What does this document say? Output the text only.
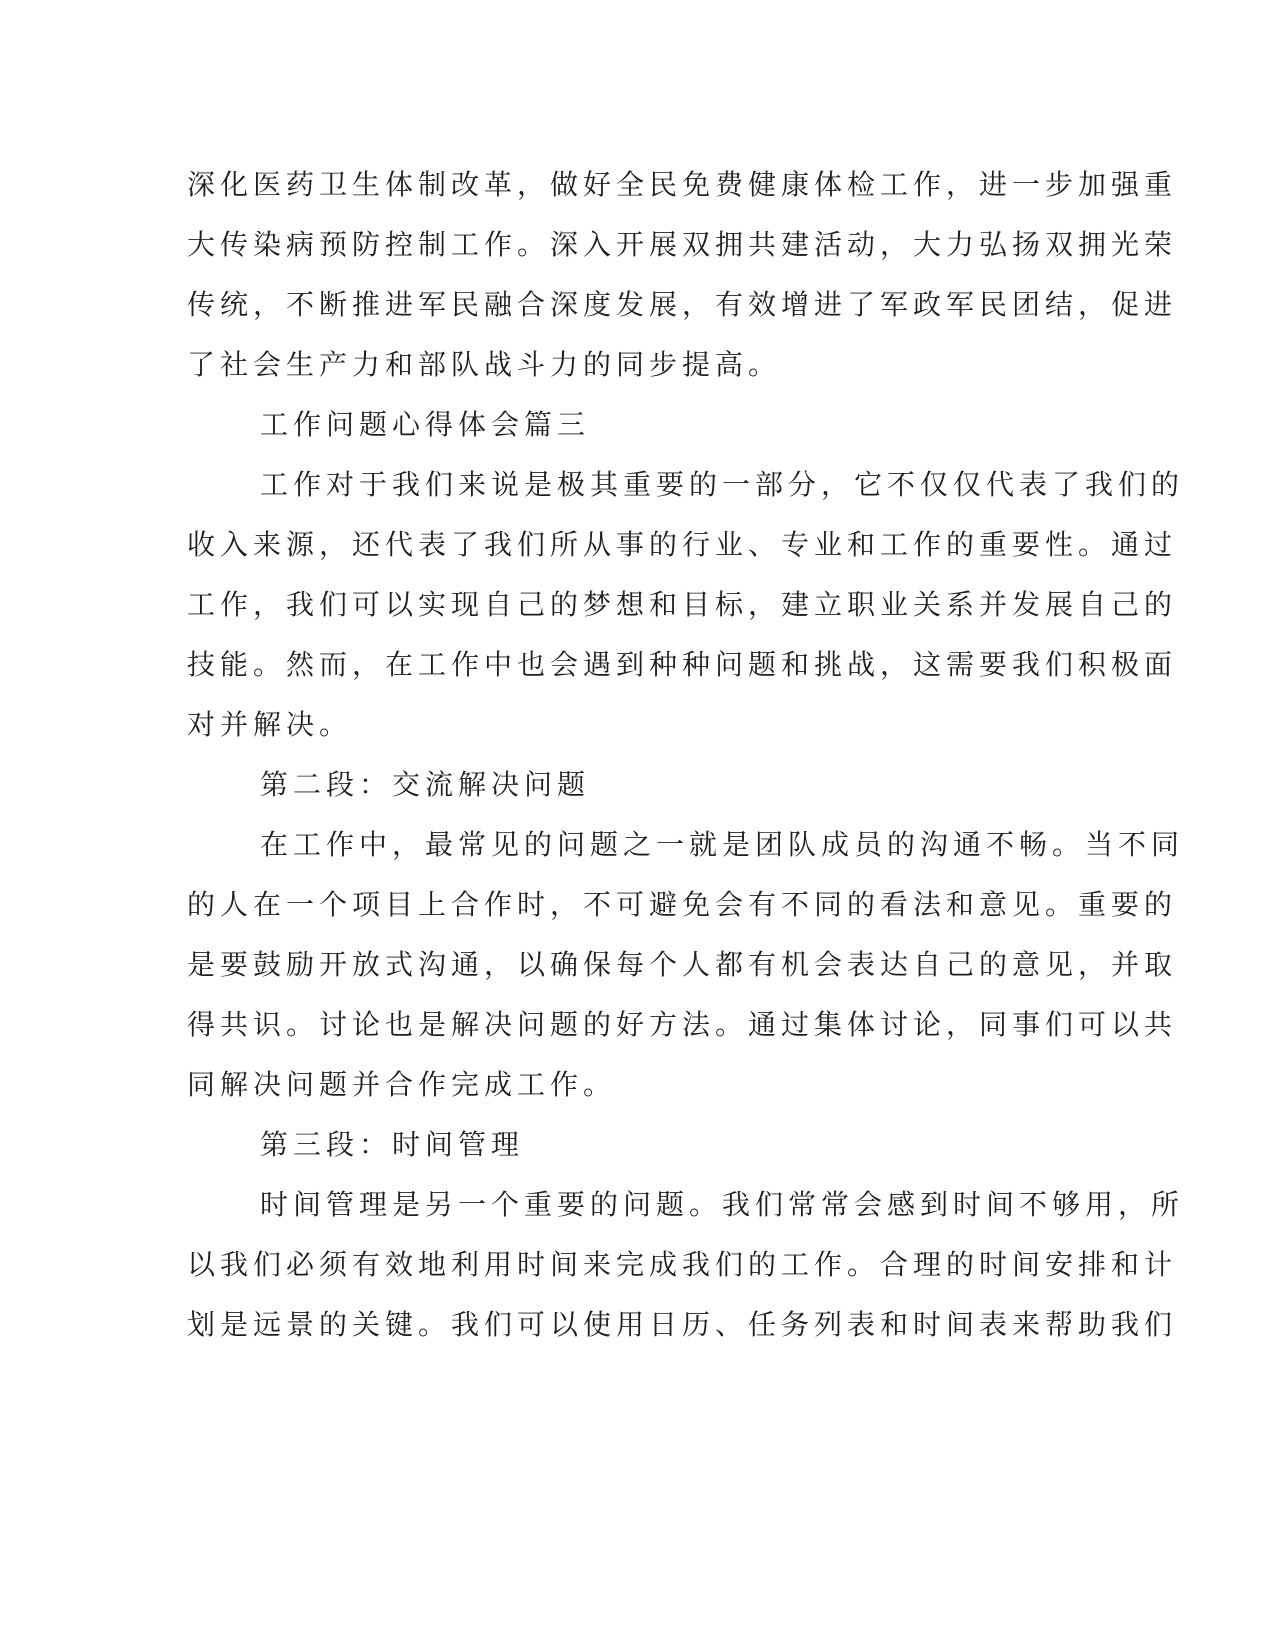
深化医药卫生体制改革，做好全民免费健康体检工作，进一步加强重
大传染病预防控制工作。深入开展双拥共建活动，大力弘扬双拥光荣
传统，不断推进军民融合深度发展，有效增进了军政军民团结，促进
了社会生产力和部队战斗力的同步提高。
工作问题心得体会篇三
工作对于我们来说是极其重要的一部分，它不仅仅代表了我们的
收入来源，还代表了我们所从事的行业、专业和工作的重要性。通过
工作，我们可以实现自己的梦想和目标，建立职业关系并发展自己的
技能。然而，在工作中也会遇到种种问题和挑战，这需要我们积极面
对并解决。
第二段：交流解决问题
在工作中，最常见的问题之一就是团队成员的沟通不畅。当不同
的人在一个项目上合作时，不可避免会有不同的看法和意见。重要的
是要鼓励开放式沟通，以确保每个人都有机会表达自己的意见，并取
得共识。讨论也是解决问题的好方法。通过集体讨论，同事们可以共
同解决问题并合作完成工作。
第三段：时间管理
时间管理是另一个重要的问题。我们常常会感到时间不够用，所
以我们必须有效地利用时间来完成我们的工作。合理的时间安排和计
划是远景的关键。我们可以使用日历、任务列表和时间表来帮助我们
